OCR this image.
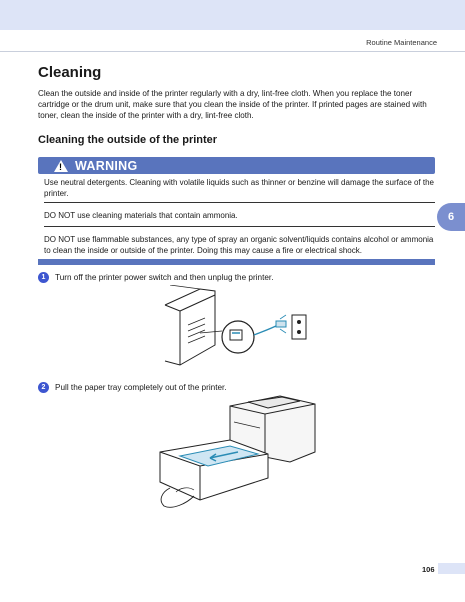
Routine Maintenance
6
Cleaning

Clean the outside and inside of the printer regularly with a dry, lint-free cloth. When you replace the toner cartridge or the drum unit, make sure that you clean the inside of the printer. If printed pages are stained with toner, clean the inside of the printer with a dry, lint-free cloth.

Cleaning the outside of the printer
! WARNING

Use neutral detergents. Cleaning with volatile liquids such as thinner or benzine will damage the surface of the printer.

DO NOT use cleaning materials that contain ammonia.

DO NOT use flammable substances, any type of spray an organic solvent/liquids contains alcohol or ammonia to clean the inside or outside of the printer. Doing this may cause a fire or electrical shock.

1	Turn off the printer power switch and then unplug the printer.
2	Pull the paper tray completely out of the printer.
106
